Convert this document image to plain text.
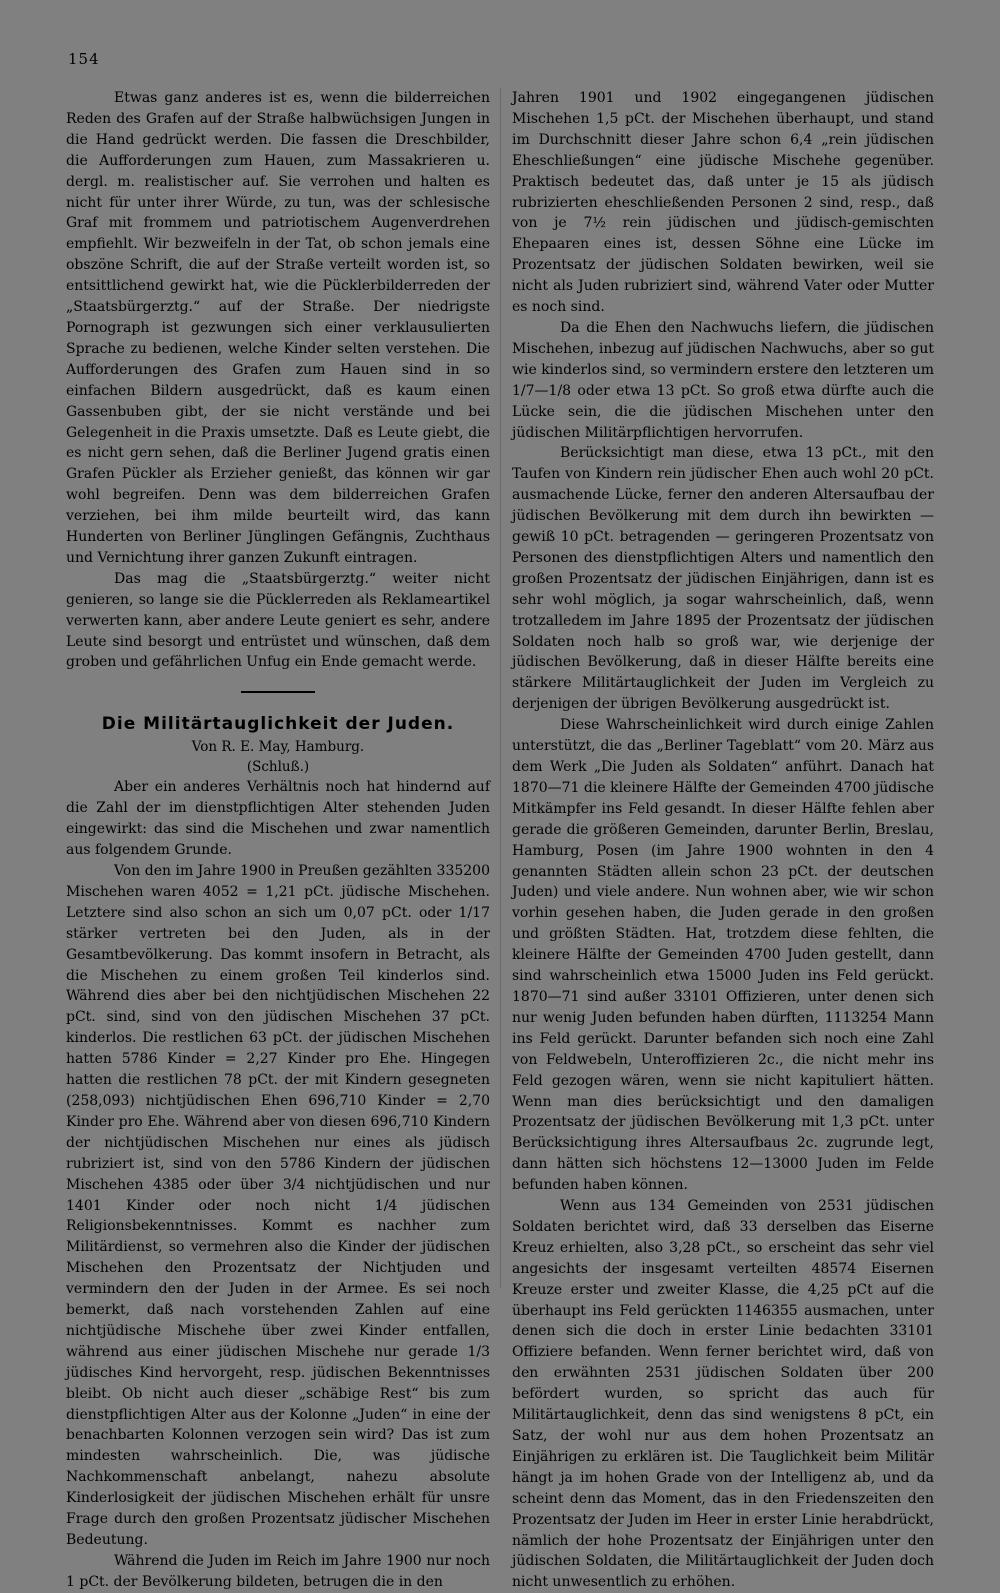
154

Etwas ganz anderes ist es, wenn die bilderreichen Reden des Grafen auf der Straße halbwüchsigen Jungen in die Hand gedrückt werden. Die fassen die Dreschbilder, die Aufforderungen zum Hauen, zum Massakrieren u. dergl. m. realistischer auf. Sie verrohen und halten es nicht für unter ihrer Würde, zu tun, was der schlesische Graf mit frommem und patriotischem Augenverdrehen empfiehlt. Wir bezweifeln in der Tat, ob schon jemals eine obszöne Schrift, die auf der Straße verteilt worden ist, so entsittlichend gewirkt hat, wie die Pücklerbilderreden der „Staatsbürgerztg.“ auf der Straße. Der niedrigste Pornograph ist gezwungen sich einer verklausulierten Sprache zu bedienen, welche Kinder selten verstehen. Die Aufforderungen des Grafen zum Hauen sind in so einfachen Bildern ausgedrückt, daß es kaum einen Gassenbuben gibt, der sie nicht verstände und bei Gelegenheit in die Praxis umsetzte. Daß es Leute giebt, die es nicht gern sehen, daß die Berliner Jugend gratis einen Grafen Pückler als Erzieher genießt, das können wir gar wohl begreifen. Denn was dem bilderreichen Grafen verziehen, bei ihm milde beurteilt wird, das kann Hunderten von Berliner Jünglingen Gefängnis, Zuchthaus und Vernichtung ihrer ganzen Zukunft eintragen.

Das mag die „Staatsbürgerztg.“ weiter nicht genieren, so lange sie die Pücklerreden als Reklameartikel verwerten kann, aber andere Leute geniert es sehr, andere Leute sind besorgt und entrüstet und wünschen, daß dem groben und gefährlichen Unfug ein Ende gemacht werde.

Die Militärtauglichkeit der Juden.

Von R. E. May, Hamburg.

(Schluß.)

Aber ein anderes Verhältnis noch hat hindernd auf die Zahl der im dienstpflichtigen Alter stehenden Juden eingewirkt: das sind die Mischehen und zwar namentlich aus folgendem Grunde.

Von den im Jahre 1900 in Preußen gezählten 335200 Mischehen waren 4052 = 1,21 pCt. jüdische Mischehen. Letztere sind also schon an sich um 0,07 pCt. oder 1/17 stärker vertreten bei den Juden, als in der Gesamtbevölkerung. Das kommt insofern in Betracht, als die Mischehen zu einem großen Teil kinderlos sind. Während dies aber bei den nichtjüdischen Mischehen 22 pCt. sind, sind von den jüdischen Mischehen 37 pCt. kinderlos. Die restlichen 63 pCt. der jüdischen Mischehen hatten 5786 Kinder = 2,27 Kinder pro Ehe. Hingegen hatten die restlichen 78 pCt. der mit Kindern gesegneten (258,093) nichtjüdischen Ehen 696,710 Kinder = 2,70 Kinder pro Ehe. Während aber von diesen 696,710 Kindern der nichtjüdischen Mischehen nur eines als jüdisch rubriziert ist, sind von den 5786 Kindern der jüdischen Mischehen 4385 oder über 3/4 nichtjüdischen und nur 1401 Kinder oder noch nicht 1/4 jüdischen Religionsbekenntnisses. Kommt es nachher zum Militärdienst, so vermehren also die Kinder der jüdischen Mischehen den Prozentsatz der Nichtjuden und vermindern den der Juden in der Armee. Es sei noch bemerkt, daß nach vorstehenden Zahlen auf eine nichtjüdische Mischehe über zwei Kinder entfallen, während aus einer jüdischen Mischehe nur gerade 1/3 jüdisches Kind hervorgeht, resp. jüdischen Bekenntnisses bleibt. Ob nicht auch dieser „schäbige Rest“ bis zum dienstpflichtigen Alter aus der Kolonne „Juden“ in eine der benachbarten Kolonnen verzogen sein wird? Das ist zum mindesten wahrscheinlich. Die, was jüdische Nachkommenschaft anbelangt, nahezu absolute Kinderlosigkeit der jüdischen Mischehen erhält für unsre Frage durch den großen Prozentsatz jüdischer Mischehen Bedeutung.

Während die Juden im Reich im Jahre 1900 nur noch 1 pCt. der Bevölkerung bildeten, betrugen die in den

Jahren 1901 und 1902 eingegangenen jüdischen Mischehen 1,5 pCt. der Mischehen überhaupt, und stand im Durchschnitt dieser Jahre schon 6,4 „rein jüdischen Eheschließungen“ eine jüdische Mischehe gegenüber. Praktisch bedeutet das, daß unter je 15 als jüdisch rubrizierten eheschließenden Personen 2 sind, resp., daß von je 7½ rein jüdischen und jüdisch-gemischten Ehepaaren eines ist, dessen Söhne eine Lücke im Prozentsatz der jüdischen Soldaten bewirken, weil sie nicht als Juden rubriziert sind, während Vater oder Mutter es noch sind.

Da die Ehen den Nachwuchs liefern, die jüdischen Mischehen, inbezug auf jüdischen Nachwuchs, aber so gut wie kinderlos sind, so vermindern erstere den letzteren um 1/7—1/8 oder etwa 13 pCt. So groß etwa dürfte auch die Lücke sein, die die jüdischen Mischehen unter den jüdischen Militärpflichtigen hervorrufen.

Berücksichtigt man diese, etwa 13 pCt., mit den Taufen von Kindern rein jüdischer Ehen auch wohl 20 pCt. ausmachende Lücke, ferner den anderen Altersaufbau der jüdischen Bevölkerung mit dem durch ihn bewirkten — gewiß 10 pCt. betragenden — geringeren Prozentsatz von Personen des dienstpflichtigen Alters und namentlich den großen Prozentsatz der jüdischen Einjährigen, dann ist es sehr wohl möglich, ja sogar wahrscheinlich, daß, wenn trotzalledem im Jahre 1895 der Prozentsatz der jüdischen Soldaten noch halb so groß war, wie derjenige der jüdischen Bevölkerung, daß in dieser Hälfte bereits eine stärkere Militärtauglichkeit der Juden im Vergleich zu derjenigen der übrigen Bevölkerung ausgedrückt ist.

Diese Wahrscheinlichkeit wird durch einige Zahlen unterstützt, die das „Berliner Tageblatt“ vom 20. März aus dem Werk „Die Juden als Soldaten“ anführt. Danach hat 1870—71 die kleinere Hälfte der Gemeinden 4700 jüdische Mitkämpfer ins Feld gesandt. In dieser Hälfte fehlen aber gerade die größeren Gemeinden, darunter Berlin, Breslau, Hamburg, Posen (im Jahre 1900 wohnten in den 4 genannten Städten allein schon 23 pCt. der deutschen Juden) und viele andere. Nun wohnen aber, wie wir schon vorhin gesehen haben, die Juden gerade in den großen und größten Städten. Hat, trotzdem diese fehlten, die kleinere Hälfte der Gemeinden 4700 Juden gestellt, dann sind wahrscheinlich etwa 15000 Juden ins Feld gerückt. 1870—71 sind außer 33101 Offizieren, unter denen sich nur wenig Juden befunden haben dürften, 1113254 Mann ins Feld gerückt. Darunter befanden sich noch eine Zahl von Feldwebeln, Unteroffizieren 2c., die nicht mehr ins Feld gezogen wären, wenn sie nicht kapituliert hätten. Wenn man dies berücksichtigt und den damaligen Prozentsatz der jüdischen Bevölkerung mit 1,3 pCt. unter Berücksichtigung ihres Altersaufbaus 2c. zugrunde legt, dann hätten sich höchstens 12—13000 Juden im Felde befunden haben können.

Wenn aus 134 Gemeinden von 2531 jüdischen Soldaten berichtet wird, daß 33 derselben das Eiserne Kreuz erhielten, also 3,28 pCt., so erscheint das sehr viel angesichts der insgesamt verteilten 48574 Eisernen Kreuze erster und zweiter Klasse, die 4,25 pCt auf die überhaupt ins Feld gerückten 1146355 ausmachen, unter denen sich die doch in erster Linie bedachten 33101 Offiziere befanden. Wenn ferner berichtet wird, daß von den erwähnten 2531 jüdischen Soldaten über 200 befördert wurden, so spricht das auch für Militärtauglichkeit, denn das sind wenigstens 8 pCt, ein Satz, der wohl nur aus dem hohen Prozentsatz an Einjährigen zu erklären ist. Die Tauglichkeit beim Militär hängt ja im hohen Grade von der Intelligenz ab, und da scheint denn das Moment, das in den Friedenszeiten den Prozentsatz der Juden im Heer in erster Linie herabdrückt, nämlich der hohe Prozentsatz der Einjährigen unter den jüdischen Soldaten, die Militärtauglichkeit der Juden doch nicht unwesentlich zu erhöhen.
